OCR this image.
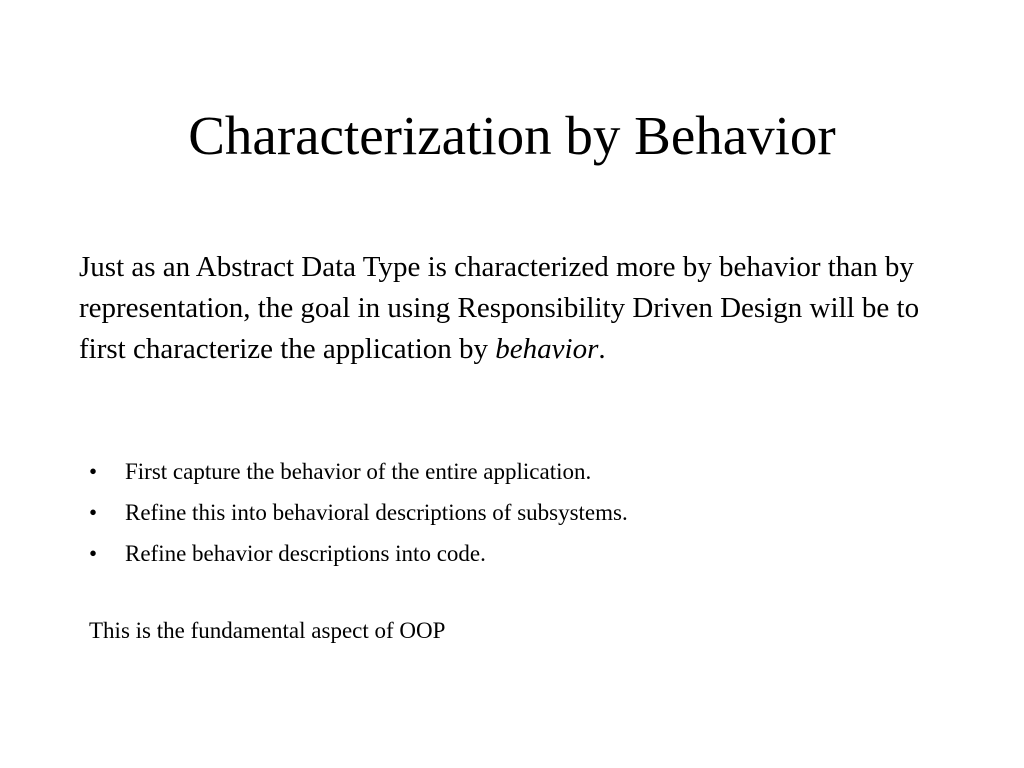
Characterization by Behavior

Just as an Abstract Data Type is characterized more by behavior than by representation, the goal in using Responsibility Driven Design will be to first characterize the application by behavior.

•	First capture the behavior of the entire application.
•	Refine this into behavioral descriptions of subsystems.
•	Refine behavior descriptions into code.

This is the fundamental aspect of OOP
